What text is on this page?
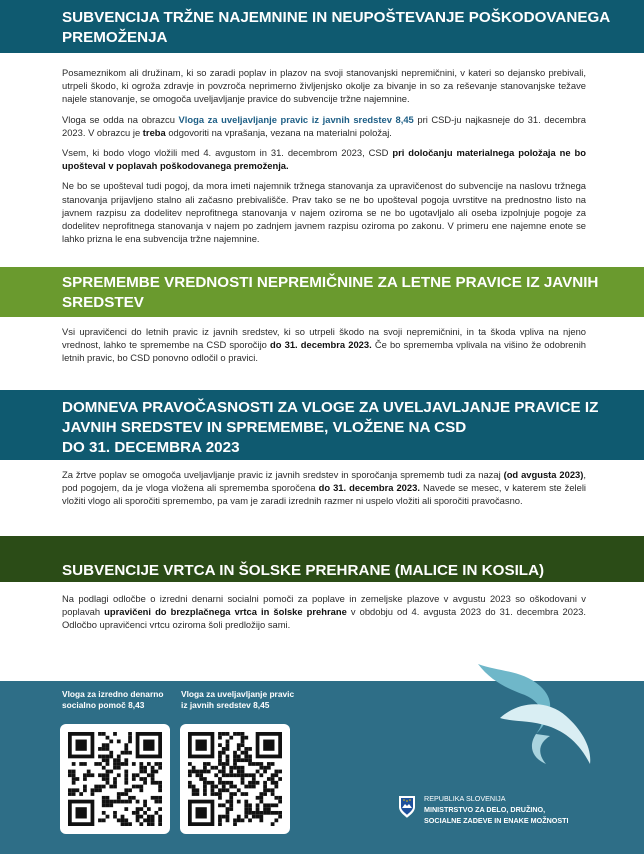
SUBVENCIJA TRŽNE NAJEMNINE IN NEUPOŠTEVANJE POŠKODOVANEGA
PREMOŽENJA

Posameznikom ali družinam, ki so zaradi poplav in plazov na svoji stanovanjski nepremičnini, v kateri so dejansko prebivali, utrpeli škodo, ki ogroža zdravje in povzroča neprimerno življenjsko okolje za bivanje in so za reševanje stanovanjske težave najele stanovanje, se omogoča uveljavljanje pravice do subvencije tržne najemnine.

Vloga se odda na obrazcu Vloga za uveljavljanje pravic iz javnih sredstev 8,45 pri CSD-ju najkasneje do 31. decembra 2023. V obrazcu je treba odgovoriti na vprašanja, vezana na materialni položaj.

Vsem, ki bodo vlogo vložili med 4. avgustom in 31. decembrom 2023, CSD pri določanju materialnega položaja ne bo upošteval v poplavah poškodovanega premoženja.

Ne bo se upošteval tudi pogoj, da mora imeti najemnik tržnega stanovanja za upravičenost do subvencije na naslovu tržnega stanovanja prijavljeno stalno ali začasno prebivališče. Prav tako se ne bo upošteval pogoja uvrstitve na prednostno listo na javnem razpisu za dodelitev neprofitnega stanovanja v najem oziroma se ne bo ugotavljalo ali oseba izpolnjuje pogoje za dodelitev neprofitnega stanovanja v najem po zadnjem javnem razpisu oziroma po zakonu. V primeru ene najemne enote se lahko prizna le ena subvencija tržne najemnine.

SPREMEMBE VREDNOSTI NEPREMIČNINE ZA LETNE PRAVICE IZ JAVNIH
SREDSTEV

Vsi upravičenci do letnih pravic iz javnih sredstev, ki so utrpeli škodo na svoji nepremičnini, in ta škoda vpliva na njeno vrednost, lahko te spremembe na CSD sporočijo do 31. decembra 2023. Če bo sprememba vplivala na višino že odobrenih letnih pravic, bo CSD ponovno odločil o pravici.

DOMNEVA PRAVOČASNOSTI ZA VLOGE ZA UVELJAVLJANJE PRAVICE IZ
JAVNIH SREDSTEV IN SPREMEMBE, VLOŽENE NA CSD
DO 31. DECEMBRA 2023

Za žrtve poplav se omogoča uveljavljanje pravic iz javnih sredstev in sporočanja sprememb tudi za nazaj (od avgusta 2023), pod pogojem, da je vloga vložena ali sprememba sporočena do 31. decembra 2023. Navede se mesec, v katerem ste želeli vložiti vlogo ali sporočiti spremembo, pa vam je zaradi izrednih razmer ni uspelo vložiti ali sporočiti pravočasno.

SUBVENCIJE VRTCA IN ŠOLSKE PREHRANE (MALICE IN KOSILA)

Na podlagi odločbe o izredni denarni socialni pomoči za poplave in zemeljske plazove v avgustu 2023 so oškodovani v poplavah upravičeni do brezplačnega vrtca in šolske prehrane v obdobju od 4. avgusta 2023 do 31. decembra 2023. Odločbo upravičenci vrtcu oziroma šoli predložijo sami.

Vloga za izredno denarno
socialno pomoč 8,43
Vloga za uveljavljanje pravic
iz javnih sredstev 8,45
REPUBLIKA SLOVENIJA
MINISTRSTVO ZA DELO, DRUŽINO,
SOCIALNE ZADEVE IN ENAKE MOŽNOSTI
